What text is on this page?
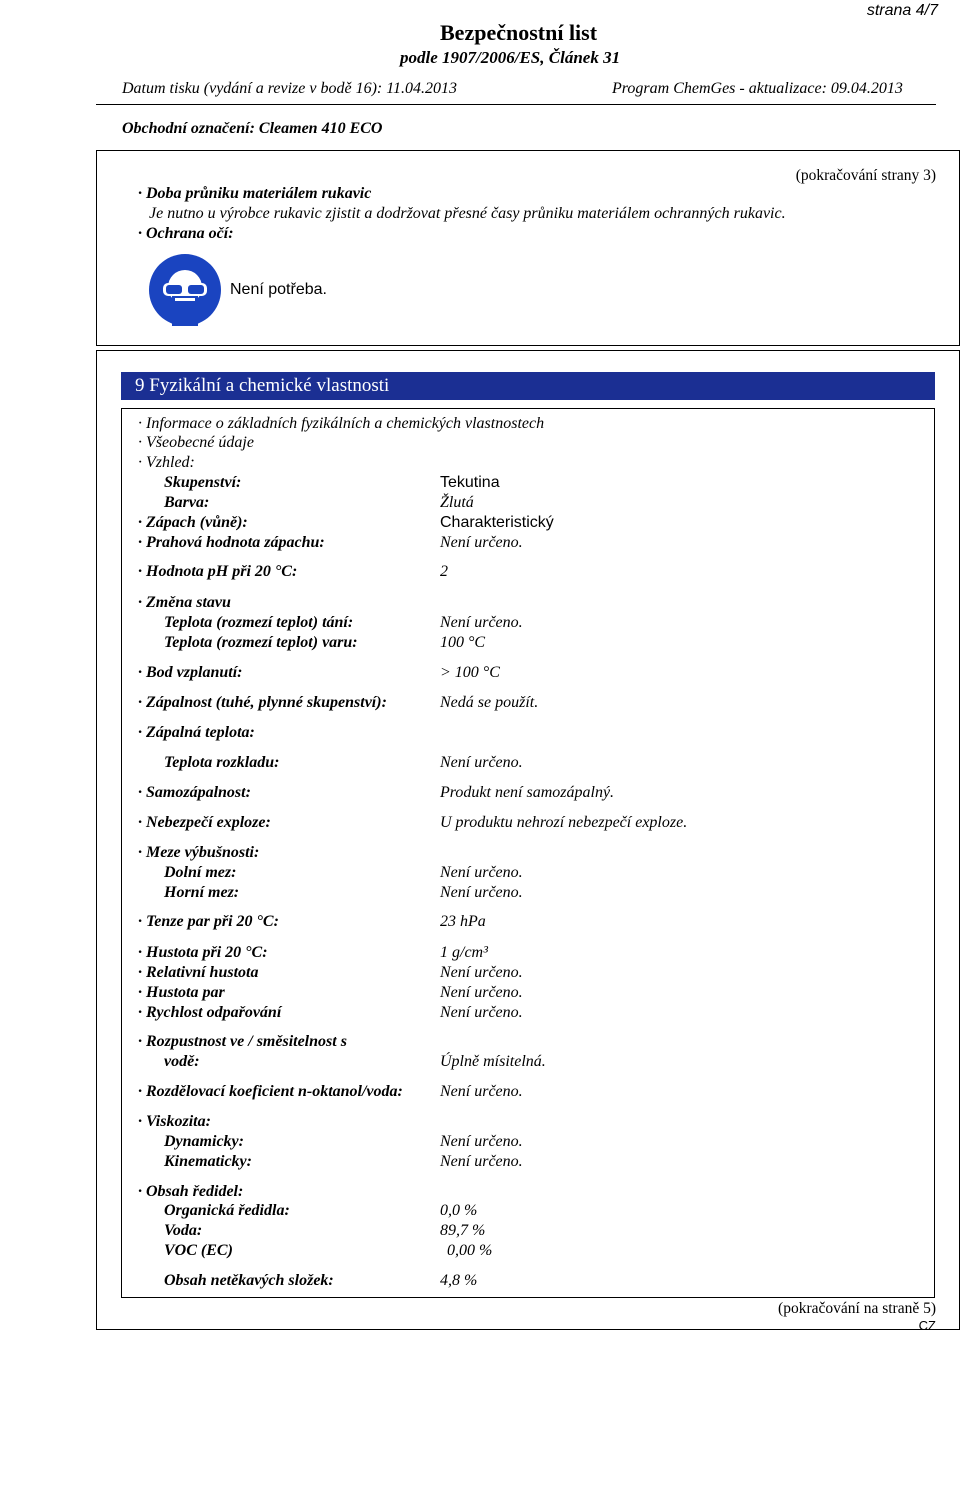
strana 4/7
Bezpečnostní list
podle 1907/2006/ES, Článek 31
Datum tisku (vydání a revize v bodě 16): 11.04.2013	Program ChemGes - aktualizace: 09.04.2013
Obchodní označení: Cleamen 410 ECO
(pokračování strany 3)
· Doba průniku materiálem rukavic
Je nutno u výrobce rukavic zjistit a dodržovat přesné časy průniku materiálem ochranných rukavic.
· Ochrana očí:
Není potřeba.
9 Fyzikální a chemické vlastnosti
· Informace o základních fyzikálních a chemických vlastnostech
· Všeobecné údaje
· Vzhled:
Skupenství:	Tekutina
Barva:	Žlutá
· Zápach (vůně):	Charakteristický
· Prahová hodnota zápachu:	Není určeno.
· Hodnota pH při 20 °C:	2
· Změna stavu
Teplota (rozmezí teplot) tání:	Není určeno.
Teplota (rozmezí teplot) varu:	100 °C
· Bod vzplanutí:	> 100 °C
· Zápalnost (tuhé, plynné skupenství):	Nedá se použít.
· Zápalná teplota:
Teplota rozkladu:	Není určeno.
· Samozápalnost:	Produkt není samozápalný.
· Nebezpečí exploze:	U produktu nehrozí nebezpečí exploze.
· Meze výbušnosti:
Dolní mez:	Není určeno.
Horní mez:	Není určeno.
· Tenze par při 20 °C:	23 hPa
· Hustota při 20 °C:	1 g/cm³
· Relativní hustota	Není určeno.
· Hustota par	Není určeno.
· Rychlost odpařování	Není určeno.
· Rozpustnost ve / směsitelnost s
vodě:	Úplně mísitelná.
· Rozdělovací koeficient n-oktanol/voda: Není určeno.
· Viskozita:
Dynamicky:	Není určeno.
Kinematicky:	Není určeno.
· Obsah ředidel:
Organická ředidla:	0,0 %
Voda:	89,7 %
VOC (EC)	0,00 %
Obsah netěkavých složek:	4,8 %
(pokračování na straně 5)
CZ
